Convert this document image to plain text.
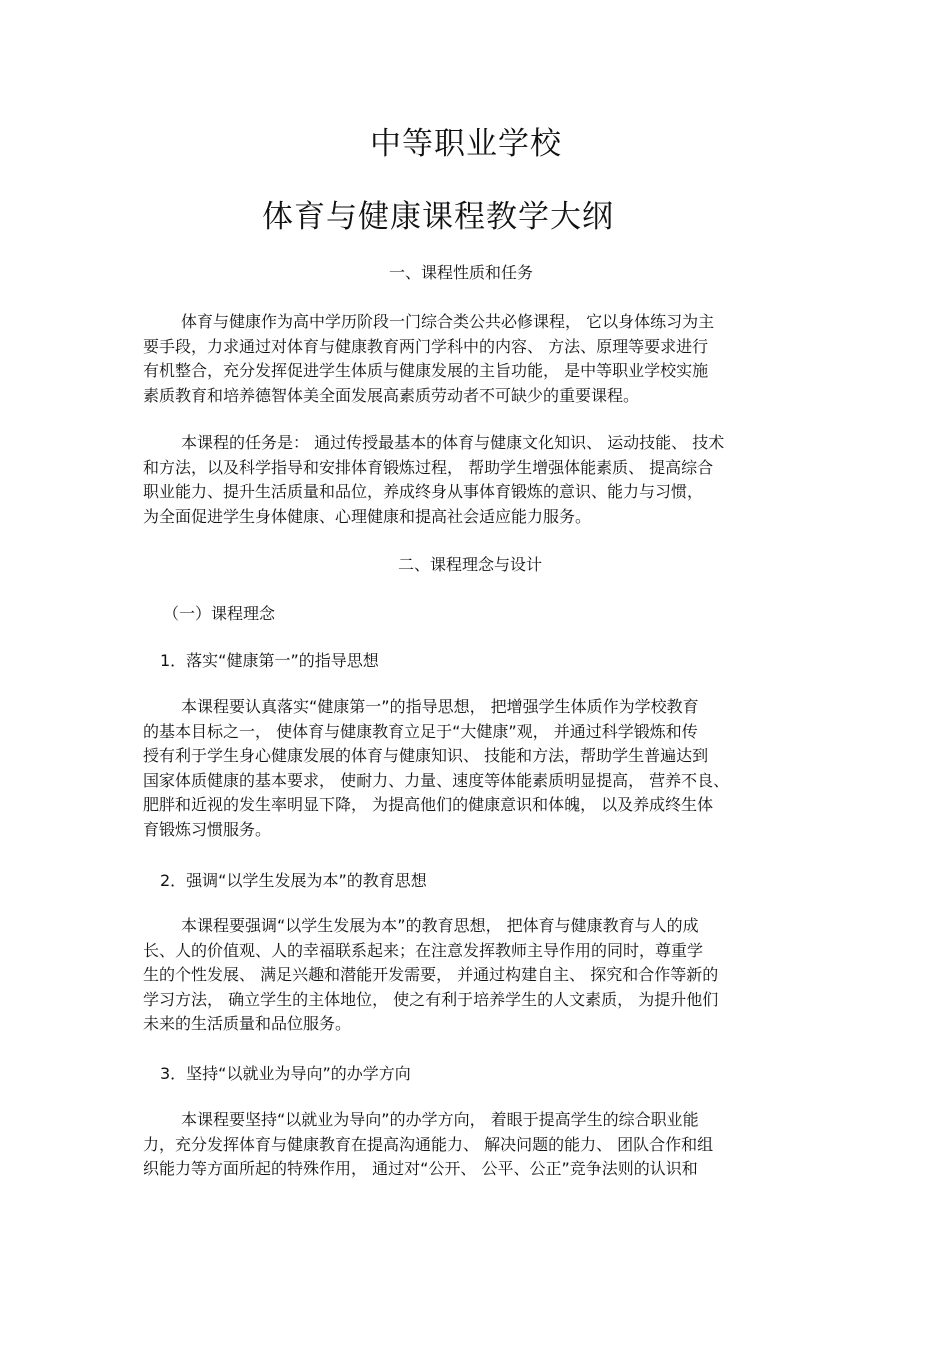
中等职业学校
体育与健康课程教学大纲
一、课程性质和任务
体育与健康作为高中学历阶段一门综合类公共必修课程， 它以身体练习为主
要手段，力求通过对体育与健康教育两门学科中的内容、 方法、原理等要求进行
有机整合，充分发挥促进学生体质与健康发展的主旨功能， 是中等职业学校实施
素质教育和培养德智体美全面发展高素质劳动者不可缺少的重要课程。
本课程的任务是： 通过传授最基本的体育与健康文化知识、 运动技能、 技术
和方法，以及科学指导和安排体育锻炼过程， 帮助学生增强体能素质、 提高综合
职业能力、提升生活质量和品位，养成终身从事体育锻炼的意识、能力与习惯，
为全面促进学生身体健康、心理健康和提高社会适应能力服务。
二、课程理念与设计
（一）课程理念
1．落实“健康第一”的指导思想
本课程要认真落实“健康第一”的指导思想， 把增强学生体质作为学校教育
的基本目标之一， 使体育与健康教育立足于“大健康”观， 并通过科学锻炼和传
授有利于学生身心健康发展的体育与健康知识、 技能和方法，帮助学生普遍达到
国家体质健康的基本要求， 使耐力、力量、速度等体能素质明显提高， 营养不良、
肥胖和近视的发生率明显下降， 为提高他们的健康意识和体魄， 以及养成终生体
育锻炼习惯服务。
2．强调“以学生发展为本”的教育思想
本课程要强调“以学生发展为本”的教育思想， 把体育与健康教育与人的成
长、人的价值观、人的幸福联系起来；在注意发挥教师主导作用的同时，尊重学
生的个性发展、 满足兴趣和潜能开发需要， 并通过构建自主、 探究和合作等新的
学习方法， 确立学生的主体地位， 使之有利于培养学生的人文素质， 为提升他们
未来的生活质量和品位服务。
3．坚持“以就业为导向”的办学方向
本课程要坚持“以就业为导向”的办学方向， 着眼于提高学生的综合职业能
力，充分发挥体育与健康教育在提高沟通能力、 解决问题的能力、 团队合作和组
织能力等方面所起的特殊作用， 通过对“公开、 公平、公正”竞争法则的认识和
